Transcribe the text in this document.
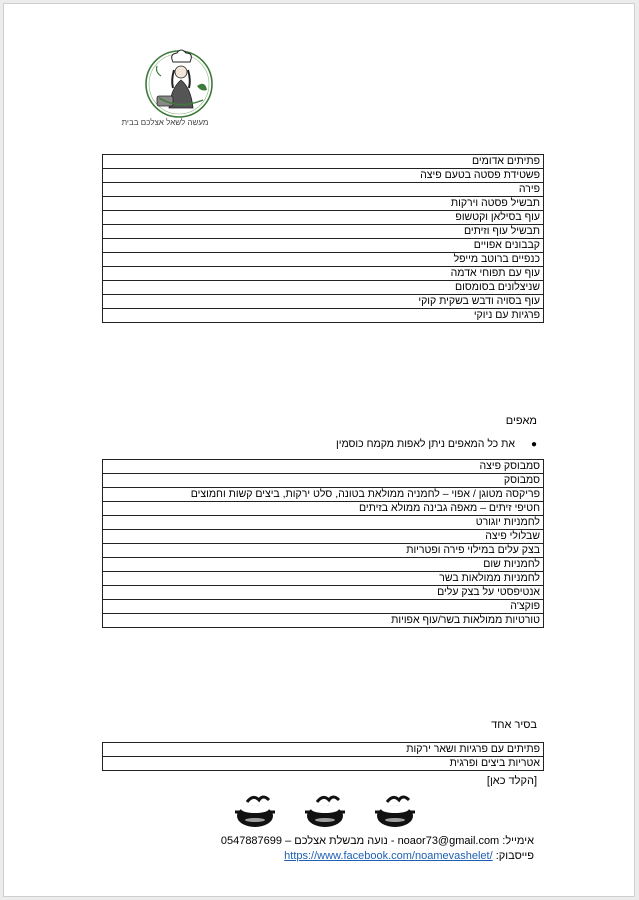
מעשה לשאל אצלכם בבית
פתיתים אדומים
פשטידת פסטה בטעם פיצה
פירה
תבשיל פסטה וירקות
עוף בסילאן וקטשופ
תבשיל עוף וזיתים
קבבונים אפויים
כנפיים ברוטב מייפל
עוף עם תפוחי אדמה
שניצלונים בסומסום
עוף בסויה ודבש בשקית קוקי
פרגיות עם ניוקי
מאפים
●את כל המאפים ניתן לאפות מקמח כוסמין
סמבוסק פיצה
סמבוסק
פריקסה מטוגן / אפוי – לחמניה ממולאת בטונה, סלט ירקות, ביצים קשות וחמוצים
חטיפי זיתים – מאפה גבינה ממולא בזיתים
לחמניות יוגורט
שבלולי פיצה
בצק עלים במילוי פירה ופטריות
לחמניות שום
לחמניות ממולאות בשר
אנטיפסטי על בצק עלים
פוקצ'ה
טורטיות ממולאות בשר/עוף אפויות
בסיר אחד
פתיתים עם פרגיות ושאר ירקות
אטריות ביצים ופרגית
[הקלד כאן]
אימייל: noaor73@gmail.com - נועה מבשלת אצלכם – 0547887699
פייסבוק: https://www.facebook.com/noamevashelet/
